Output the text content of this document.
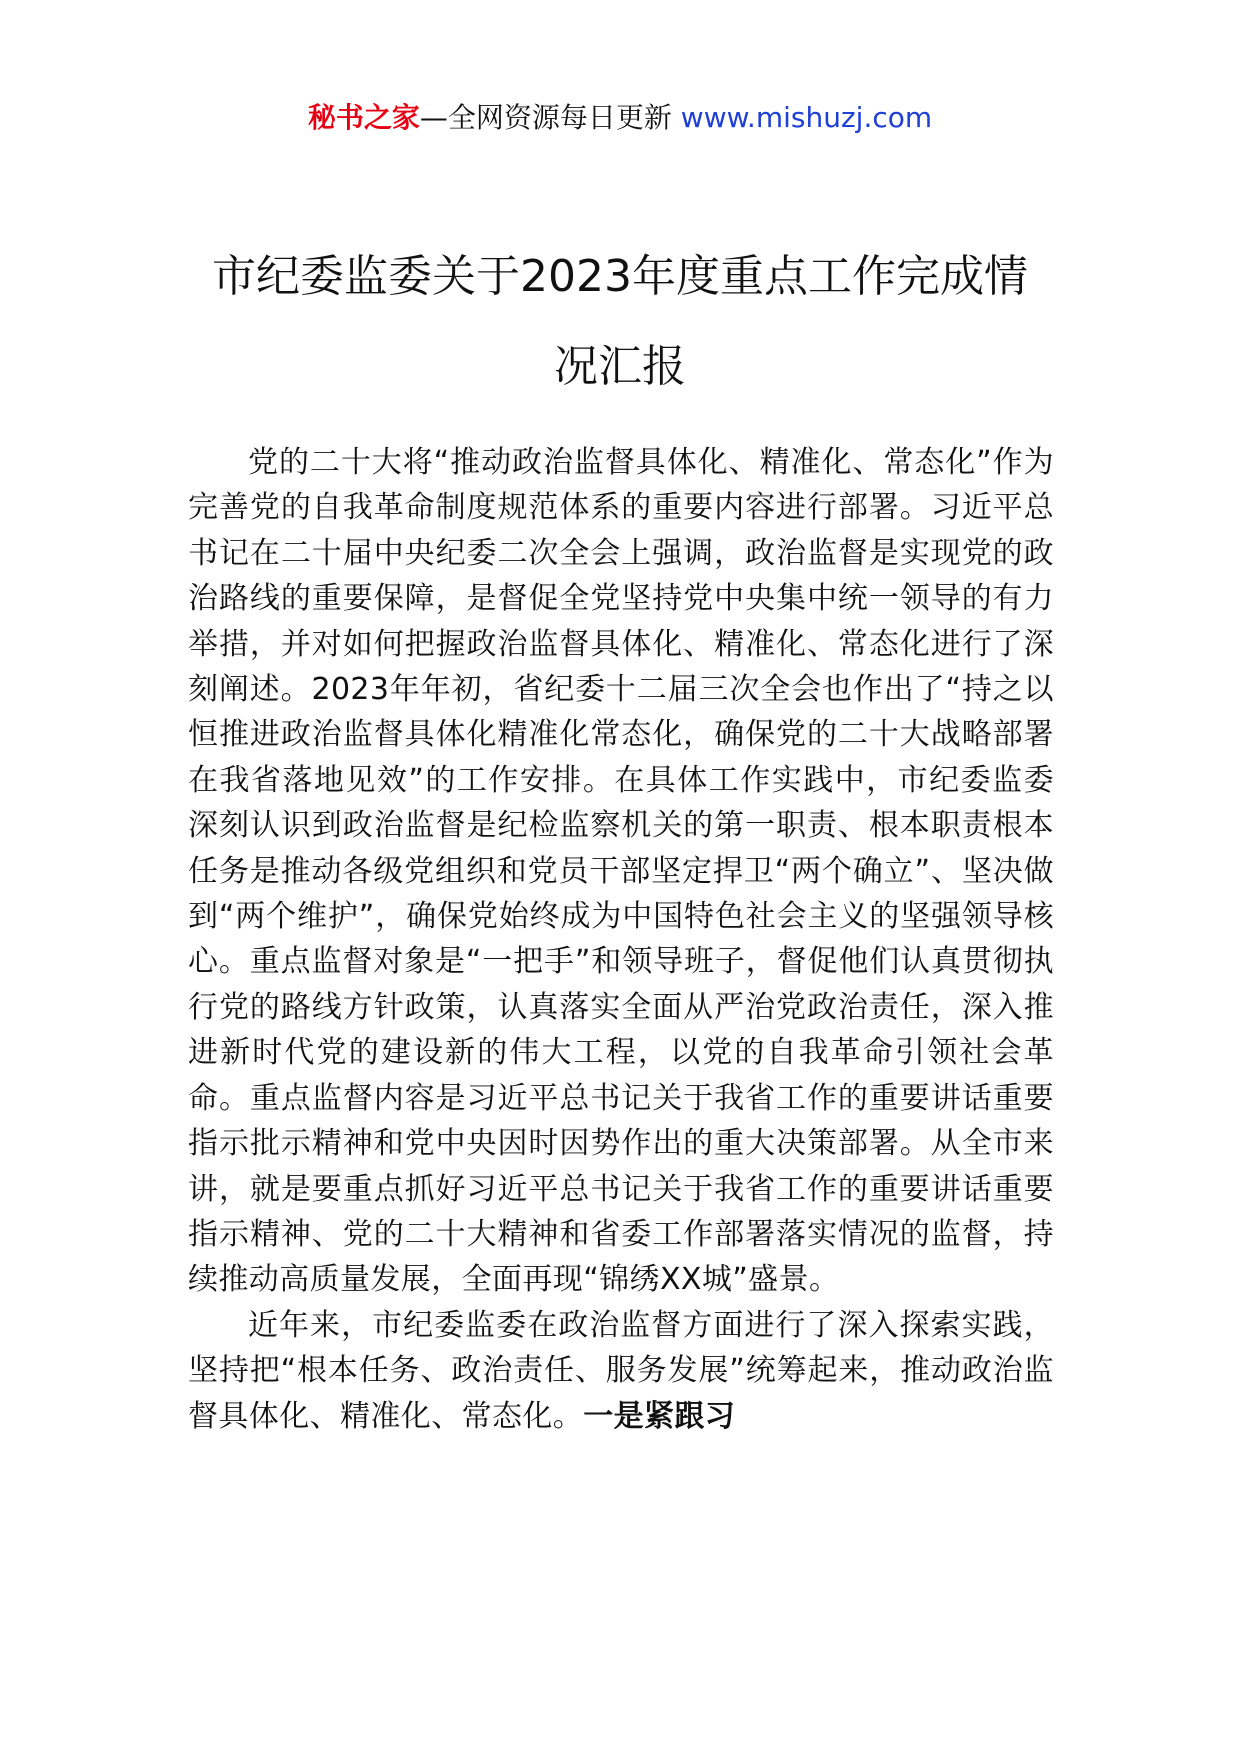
秘书之家—全网资源每日更新 www.mishuzj.com
市纪委监委关于2023年度重点工作完成情
况汇报

党的二十大将“推动政治监督具体化、精准化、常态化”作为完善党的自我革命制度规范体系的重要内容进行部署。习近平总书记在二十届中央纪委二次全会上强调，政治监督是实现党的政治路线的重要保障，是督促全党坚持党中央集中统一领导的有力举措，并对如何把握政治监督具体化、精准化、常态化进行了深刻阐述。2023年年初，省纪委十二届三次全会也作出了“持之以恒推进政治监督具体化精准化常态化，确保党的二十大战略部署在我省落地见效”的工作安排。在具体工作实践中，市纪委监委深刻认识到政治监督是纪检监察机关的第一职责、根本职责根本任务是推动各级党组织和党员干部坚定捍卫“两个确立”、坚决做到“两个维护”，确保党始终成为中国特色社会主义的坚强领导核心。重点监督对象是“一把手”和领导班子，督促他们认真贯彻执行党的路线方针政策，认真落实全面从严治党政治责任，深入推进新时代党的建设新的伟大工程，以党的自我革命引领社会革命。重点监督内容是习近平总书记关于我省工作的重要讲话重要指示批示精神和党中央因时因势作出的重大决策部署。从全市来讲，就是要重点抓好习近平总书记关于我省工作的重要讲话重要指示精神、党的二十大精神和省委工作部署落实情况的监督，持续推动高质量发展，全面再现“锦绣XX城”盛景。

近年来，市纪委监委在政治监督方面进行了深入探索实践，坚持把“根本任务、政治责任、服务发展”统筹起来，推动政治监督具体化、精准化、常态化。一是紧跟习
